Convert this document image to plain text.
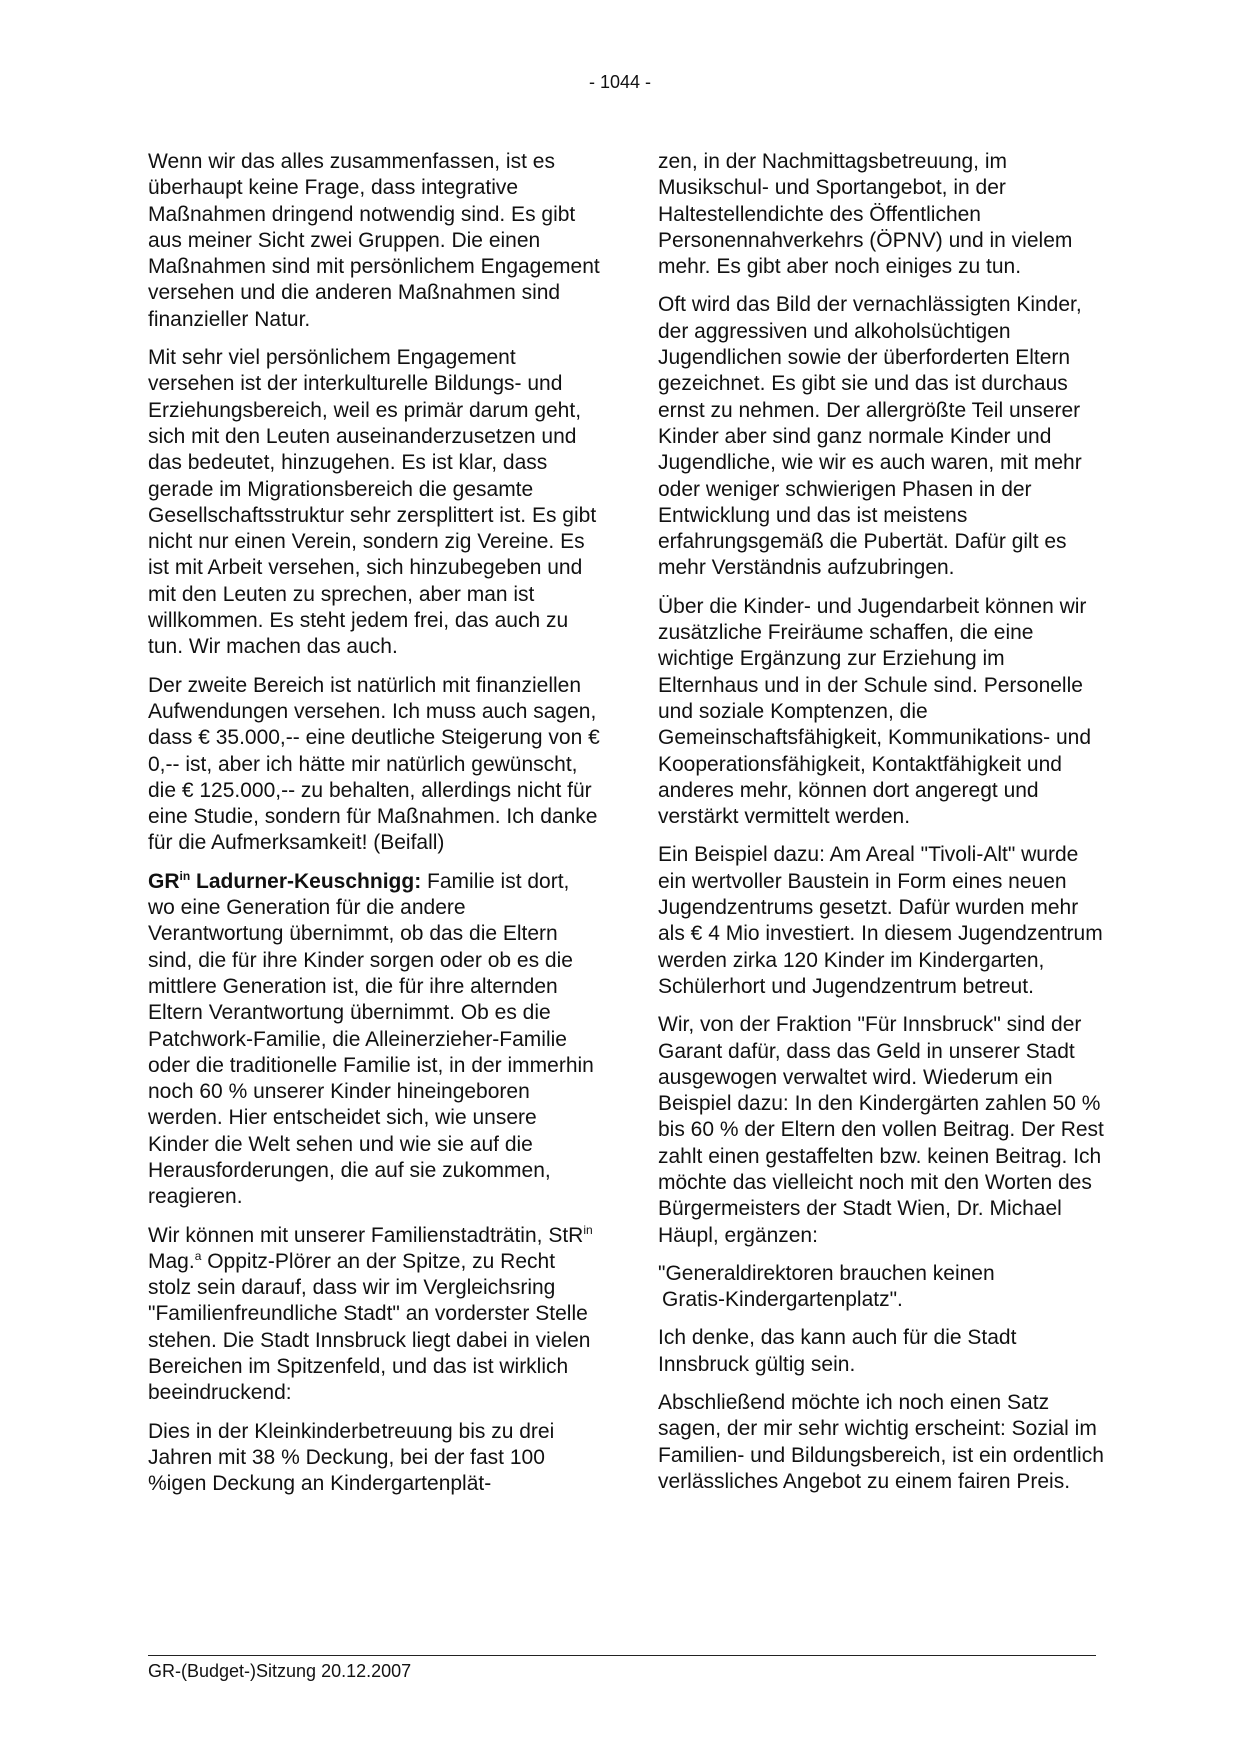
- 1044 -

Wenn wir das alles zusammenfassen, ist es überhaupt keine Frage, dass integrative Maßnahmen dringend notwendig sind. Es gibt aus meiner Sicht zwei Gruppen. Die einen Maßnahmen sind mit persönlichem Engagement versehen und die anderen Maßnahmen sind finanzieller Natur.

Mit sehr viel persönlichem Engagement versehen ist der interkulturelle Bildungs- und Erziehungsbereich, weil es primär darum geht, sich mit den Leuten auseinanderzusetzen und das bedeutet, hinzugehen. Es ist klar, dass gerade im Migrationsbereich die gesamte Gesellschaftsstruktur sehr zersplittert ist. Es gibt nicht nur einen Verein, sondern zig Vereine. Es ist mit Arbeit versehen, sich hinzubegeben und mit den Leuten zu sprechen, aber man ist willkommen. Es steht jedem frei, das auch zu tun. Wir machen das auch.

Der zweite Bereich ist natürlich mit finanziellen Aufwendungen versehen. Ich muss auch sagen, dass € 35.000,-- eine deutliche Steigerung von € 0,-- ist, aber ich hätte mir natürlich gewünscht, die € 125.000,-- zu behalten, allerdings nicht für eine Studie, sondern für Maßnahmen. Ich danke für die Aufmerksamkeit! (Beifall)

$GR^{in}$ Ladurner-Keuschnigg: Familie ist dort, wo eine Generation für die andere Verantwortung übernimmt, ob das die Eltern sind, die für ihre Kinder sorgen oder ob es die mittlere Generation ist, die für ihre alternden Eltern Verantwortung übernimmt. Ob es die Patchwork-Familie, die Alleinerzieher-Familie oder die traditionelle Familie ist, in der immerhin noch 60 % unserer Kinder hineingeboren werden. Hier entscheidet sich, wie unsere Kinder die Welt sehen und wie sie auf die Herausforderungen, die auf sie zukommen, reagieren.

Wir können mit unserer Familienstadträtin, StR$^{in}$ Mag.$^a$ Oppitz-Plörer an der Spitze, zu Recht stolz sein darauf, dass wir im Vergleichsring "Familienfreundliche Stadt" an vorderster Stelle stehen. Die Stadt Innsbruck liegt dabei in vielen Bereichen im Spitzenfeld, und das ist wirklich beeindruckend:

Dies in der Kleinkinderbetreuung bis zu drei Jahren mit 38 % Deckung, bei der fast 100 %igen Deckung an Kindergartenplät-

zen, in der Nachmittagsbetreuung, im Musikschul- und Sportangebot, in der Haltestellendichte des Öffentlichen Personennahverkehrs (ÖPNV) und in vielem mehr. Es gibt aber noch einiges zu tun.

Oft wird das Bild der vernachlässigten Kinder, der aggressiven und alkoholsüchtigen Jugendlichen sowie der überforderten Eltern gezeichnet. Es gibt sie und das ist durchaus ernst zu nehmen. Der allergrößte Teil unserer Kinder aber sind ganz normale Kinder und Jugendliche, wie wir es auch waren, mit mehr oder weniger schwierigen Phasen in der Entwicklung und das ist meistens erfahrungsgemäß die Pubertät. Dafür gilt es mehr Verständnis aufzubringen.

Über die Kinder- und Jugendarbeit können wir zusätzliche Freiräume schaffen, die eine wichtige Ergänzung zur Erziehung im Elternhaus und in der Schule sind. Personelle und soziale Komptenzen, die Gemeinschaftsfähigkeit, Kommunikations- und Kooperationsfähigkeit, Kontaktfähigkeit und anderes mehr, können dort angeregt und verstärkt vermittelt werden.

Ein Beispiel dazu: Am Areal "Tivoli-Alt" wurde ein wertvoller Baustein in Form eines neuen Jugendzentrums gesetzt. Dafür wurden mehr als € 4 Mio investiert. In diesem Jugendzentrum werden zirka 120 Kinder im Kindergarten, Schülerhort und Jugendzentrum betreut.

Wir, von der Fraktion "Für Innsbruck" sind der Garant dafür, dass das Geld in unserer Stadt ausgewogen verwaltet wird. Wiederum ein Beispiel dazu: In den Kindergärten zahlen 50 % bis 60 % der Eltern den vollen Beitrag. Der Rest zahlt einen gestaffelten bzw. keinen Beitrag. Ich möchte das vielleicht noch mit den Worten des Bürgermeisters der Stadt Wien, Dr. Michael Häupl, ergänzen:

"Generaldirektoren brauchen keinen
Gratis-Kindergartenplatz".

Ich denke, das kann auch für die Stadt Innsbruck gültig sein.

Abschließend möchte ich noch einen Satz sagen, der mir sehr wichtig erscheint: Sozial im Familien- und Bildungsbereich, ist ein ordentlich verlässliches Angebot zu einem fairen Preis.

GR-(Budget-)Sitzung 20.12.2007
